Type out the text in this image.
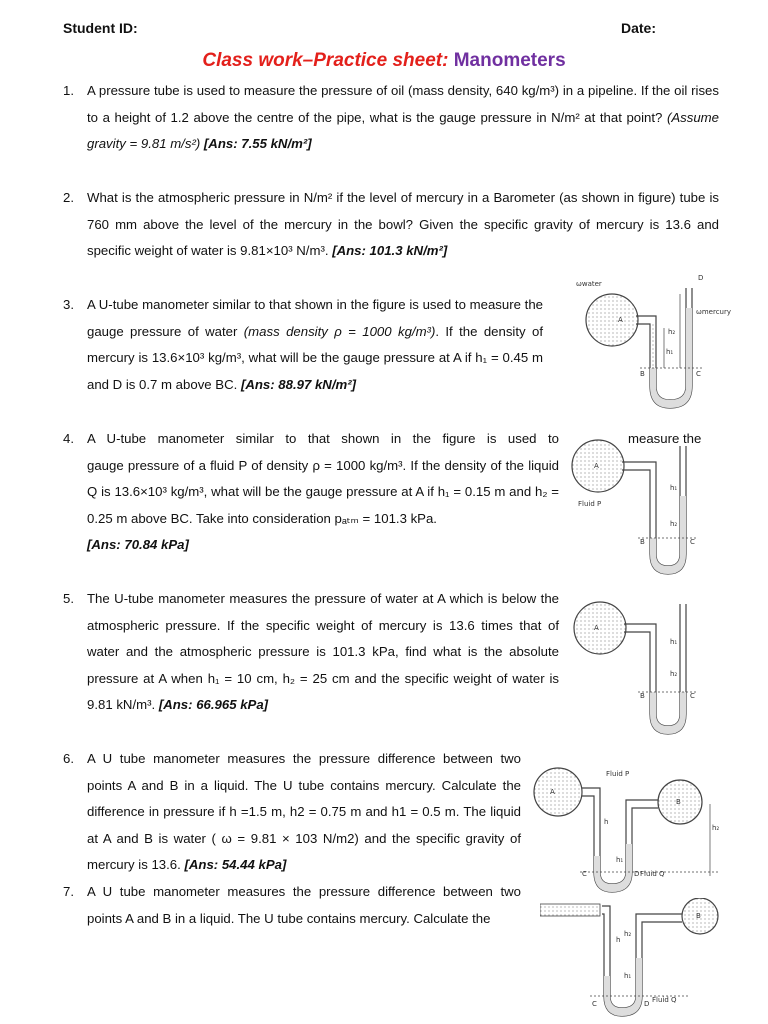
Student ID:	Date:
Class work–Practice sheet: Manometers
1. A pressure tube is used to measure the pressure of oil (mass density, 640 kg/m³) in a pipeline. If the oil rises to a height of 1.2 above the centre of the pipe, what is the gauge pressure in N/m² at that point? (Assume gravity = 9.81 m/s²) [Ans: 7.55 kN/m²]
2. What is the atmospheric pressure in N/m² if the level of mercury in a Barometer (as shown in figure) tube is 760 mm above the level of the mercury in the bowl? Given the specific gravity of mercury is 13.6 and specific weight of water is 9.81×10³ N/m³. [Ans: 101.3 kN/m²]
3. A U-tube manometer similar to that shown in the figure is used to measure the gauge pressure of water (mass density ρ = 1000 kg/m³). If the density of mercury is 13.6×10³ kg/m³, what will be the gauge pressure at A if h₁ = 0.45 m and D is 0.7 m above BC. [Ans: 88.97 kN/m²]
4. A U-tube manometer similar to that shown in the figure is used to	measure the
gauge pressure of a fluid P of density ρ = 1000 kg/m³. If the density of the liquid Q is 13.6×10³ kg/m³, what will be the gauge pressure at A if h₁ = 0.15 m and h₂ = 0.25 m above BC. Take into consideration pₐₜₘ = 101.3 kPa.
[Ans: 70.84 kPa]
5. The U-tube manometer measures the pressure of water at A which is below the atmospheric pressure. If the specific weight of mercury is 13.6 times that of water and the atmospheric pressure is 101.3 kPa, find what is the absolute pressure at A when h₁ = 10 cm, h₂ = 25 cm and the specific weight of water is 9.81 kN/m³. [Ans: 66.965 kPa]
6. A U tube manometer measures the pressure difference between two points A and B in a liquid. The U tube contains mercury. Calculate the difference in pressure if h =1.5 m, h2 = 0.75 m and h1 = 0.5 m. The liquid at A and B is water ( ω = 9.81 × 103 N/m2) and the specific gravity of mercury is 13.6. [Ans: 54.44 kPa]
7. A U tube manometer measures the pressure difference between two points A and B in a liquid. The U tube contains mercury. Calculate the
ωwater
ωmercury
A
B	C
D
h₁
h₂
A
Fluid P
B	C
h₁
h₂
A
B	C
h₁
h₂
Fluid P
A
B
C	D Fluid Q
h
h₁
h₂
B
C	D Fluid Q
h
h₂
h₁
